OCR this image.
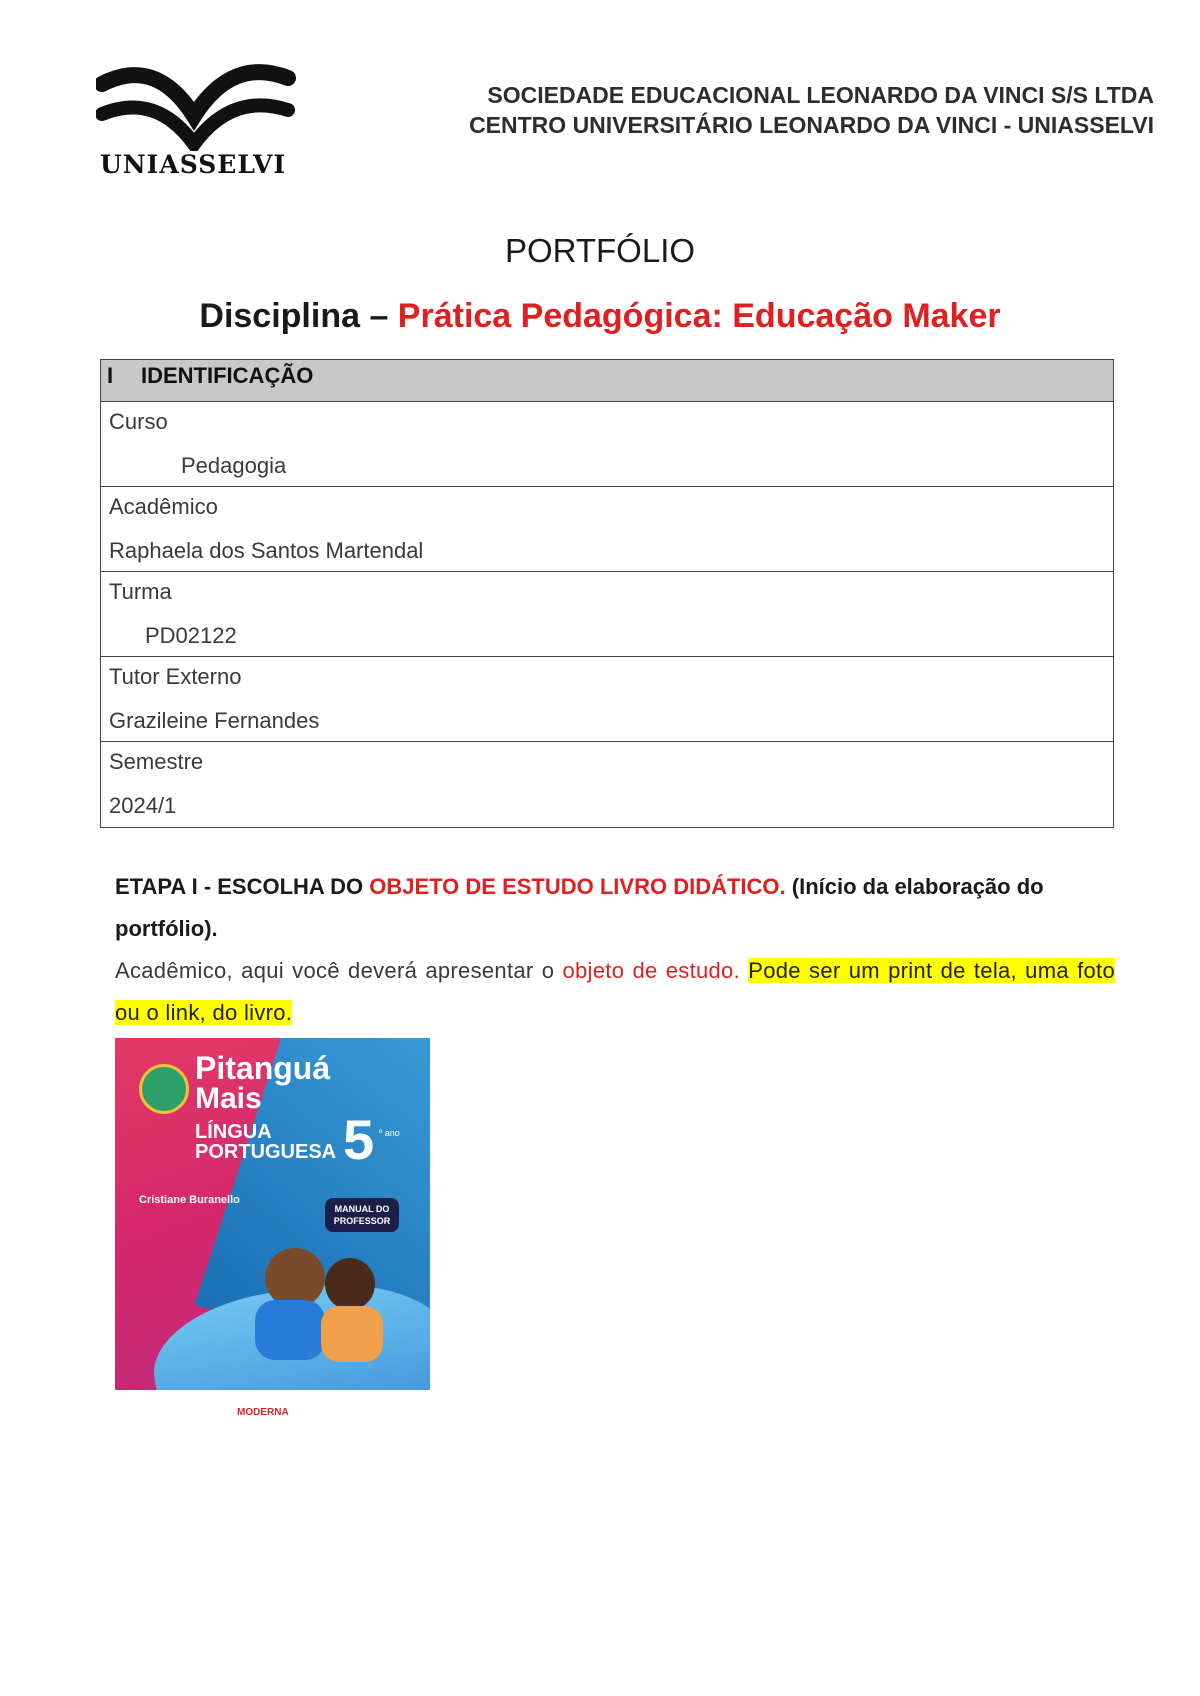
UNIASSELVI
SOCIEDADE EDUCACIONAL LEONARDO DA VINCI S/S LTDA
CENTRO UNIVERSITÁRIO LEONARDO DA VINCI - UNIASSELVI
PORTFÓLIO
Disciplina – Prática Pedagógica: Educação Maker
I IDENTIFICAÇÃO
Curso
Pedagogia
Acadêmico
Raphaela dos Santos Martendal
Turma
PD02122
Tutor Externo
Grazileine Fernandes
Semestre
2024/1
ETAPA I - ESCOLHA DO OBJETO DE ESTUDO LIVRO DIDÁTICO. (Início da elaboração do portfólio).
Acadêmico, aqui você deverá apresentar o objeto de estudo. Pode ser um print de tela, uma foto ou o link, do livro.
Pitanguá
Mais
LÍNGUA
PORTUGUESA 5 º ano
Cristiane Buranello
MANUAL DO PROFESSOR
MODERNA
